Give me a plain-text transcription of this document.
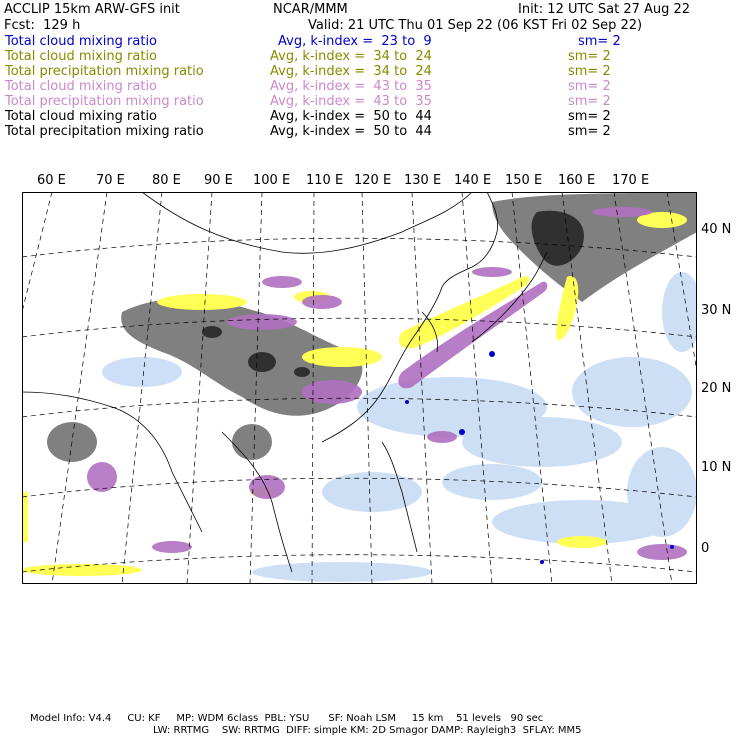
ACCLIP 15km ARW-GFS init	NCAR/MMM	Init: 12 UTC Sat 27 Aug 22
Fcst:  129 h	Valid: 21 UTC Thu 01 Sep 22 (06 KST Fri 02 Sep 22)
Total cloud mixing ratio	Avg, k-index =  23 to  9	sm= 2
Total cloud mixing ratio	Avg, k-index =  34 to  24	sm= 2
Total precipitation mixing ratio	Avg, k-index =  34 to  24	sm= 2
Total cloud mixing ratio	Avg, k-index =  43 to  35	sm= 2
Total precipitation mixing ratio	Avg, k-index =  43 to  35	sm= 2
Total cloud mixing ratio	Avg, k-index =  50 to  44	sm= 2
Total precipitation mixing ratio	Avg, k-index =  50 to  44	sm= 2
60 E 70 E 80 E 90 E 100 E 110 E 120 E 130 E 140 E 150 E 160 E 170 E
40 N
30 N
20 N
10 N
0
Model Info: V4.4     CU: KF     MP: WDM 6class  PBL: YSU      SF: Noah LSM     15 km    51 levels   90 sec
LW: RRTMG    SW: RRTMG  DIFF: simple KM: 2D Smagor DAMP: Rayleigh3  SFLAY: MM5
